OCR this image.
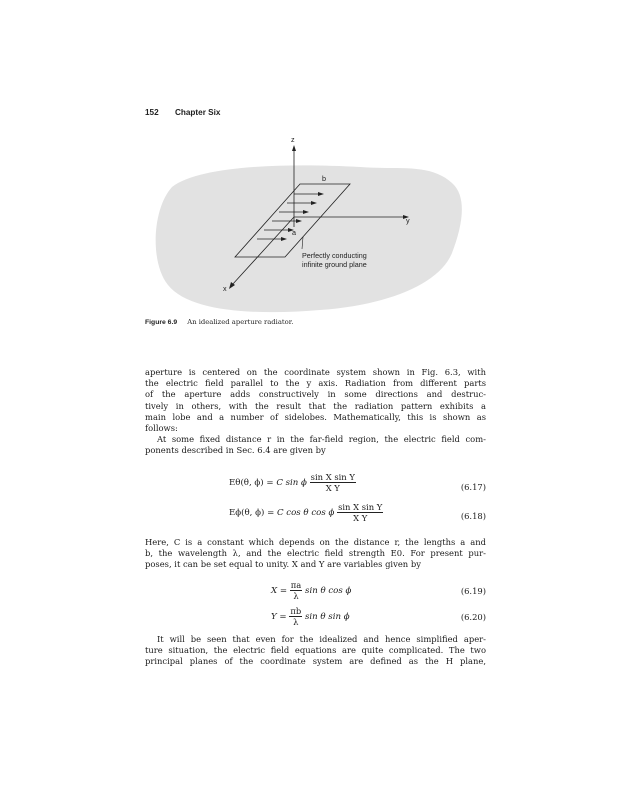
152 Chapter Six
z
y
x
b
a
Perfectly conducting
infinite ground plane
Figure 6.9 An idealized aperture radiator.
aperture is centered on the coordinate system shown in Fig. 6.3, with
the electric field parallel to the y axis. Radiation from different parts
of the aperture adds constructively in some directions and destruc-
tively in others, with the result that the radiation pattern exhibits a
main lobe and a number of sidelobes. Mathematically, this is shown as
follows:
At some fixed distance r in the far-field region, the electric field com-
ponents described in Sec. 6.4 are given by
Eθ(θ, ϕ) = C sin ϕ $\frac{\text{sin X sin Y}}{\text{X Y}}$	(6.17)
Eϕ(θ, ϕ) = C cos θ cos ϕ $\frac{\text{sin X sin Y}}{\text{X Y}}$	(6.18)
Here, C is a constant which depends on the distance r, the lengths a and
b, the wavelength λ, and the electric field strength E0. For present pur-
poses, it can be set equal to unity. X and Y are variables given by
$X = \frac{\pi a}{\lambda}$ sin θ cos ϕ	(6.19)
$Y = \frac{\pi b}{\lambda}$ sin θ sin ϕ	(6.20)
It will be seen that even for the idealized and hence simplified aper-
ture situation, the electric field equations are quite complicated. The two
principal planes of the coordinate system are defined as the H plane,
